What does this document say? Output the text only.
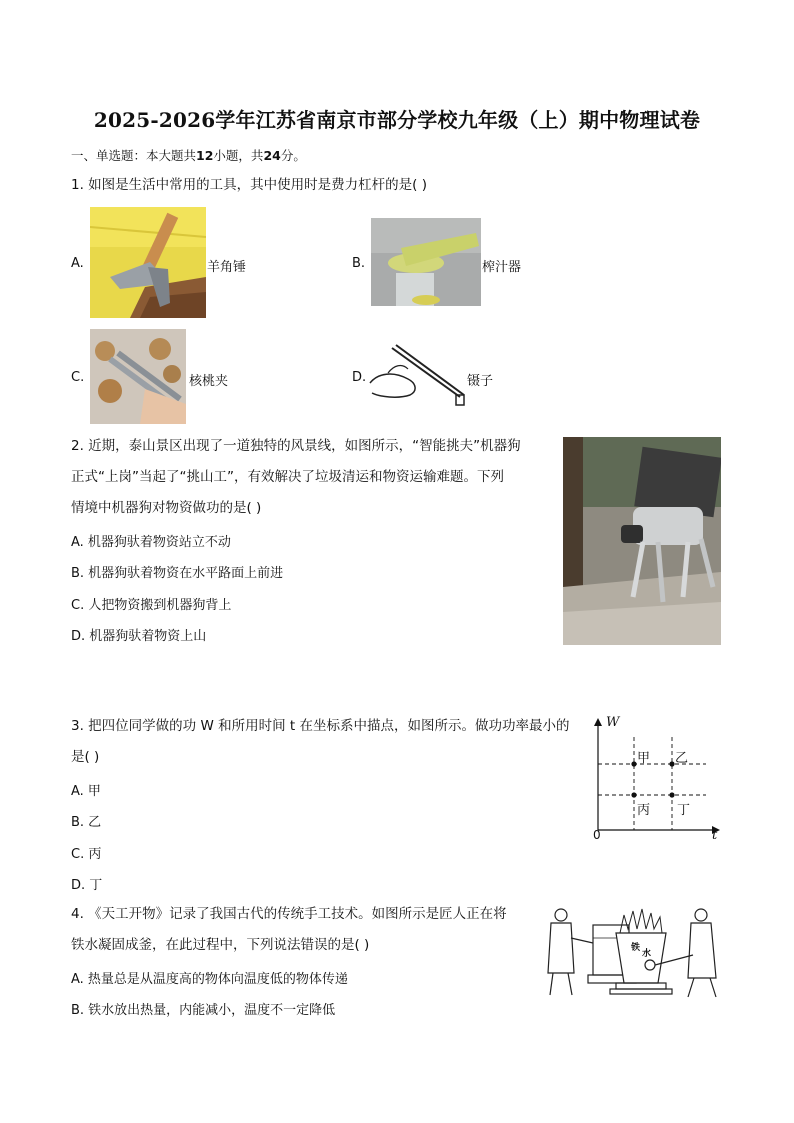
2025-2026学年江苏省南京市部分学校九年级（上）期中物理试卷
一、单选题：本大题共12小题，共24分。
1. 如图是生活中常用的工具，其中使用时是费力杠杆的是( )
A.	羊角锤	B.	榨汁器
C.	核桃夹	D.	镊子
2. 近期，泰山景区出现了一道独特的风景线，如图所示，“智能挑夫”机器狗
正式“上岗”当起了“挑山工”，有效解决了垃圾清运和物资运输难题。下列
情境中机器狗对物资做功的是( )
A. 机器狗驮着物资站立不动
B. 机器狗驮着物资在水平路面上前进
C. 人把物资搬到机器狗背上
D. 机器狗驮着物资上山
3. 把四位同学做的功 W 和所用时间 t 在坐标系中描点，如图所示。做功功率最小的
是( )
A. 甲
B. 乙
C. 丙
D. 丁
W
t
0
甲 乙
丙 丁
4. 《天工开物》记录了我国古代的传统手工技术。如图所示是匠人正在将
铁水凝固成釜，在此过程中，下列说法错误的是( )
A. 热量总是从温度高的物体向温度低的物体传递
B. 铁水放出热量，内能减小，温度不一定降低
铁
水
